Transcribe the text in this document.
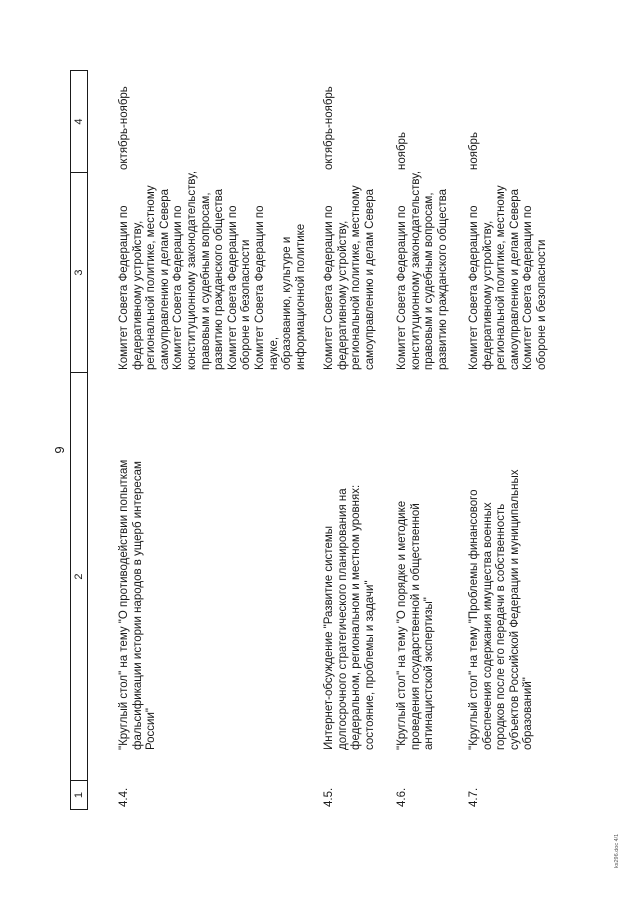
9
1
2
3
4
4.4.
"Круглый стол" на тему "О противодействии попыткам
фальсификации истории народов в ущерб интересам
России"
Комитет Совета Федерации по
федеративному устройству,
региональной политике, местному
самоуправлению и делам Севера
Комитет Совета Федерации по
конституционному законодательству,
правовым и судебным вопросам,
развитию гражданского общества
Комитет Совета Федерации по
обороне и безопасности
Комитет Совета Федерации по науке,
образованию, культуре и
информационной политике
октябрь-ноябрь
4.5.
Интернет-обсуждение "Развитие системы
долгосрочного стратегического планирования на
федеральном, региональном и местном уровнях:
состояние, проблемы и задачи"
Комитет Совета Федерации по
федеративному устройству,
региональной политике, местному
самоуправлению и делам Севера
октябрь-ноябрь
4.6.
"Круглый стол" на тему "О порядке и методике
проведения государственной и общественной
антинацистской экспертизы"
Комитет Совета Федерации по
конституционному законодательству,
правовым и судебным вопросам,
развитию гражданского общества
ноябрь
4.7.
"Круглый стол" на тему "Проблемы финансового
обеспечения содержания имущества военных
городков после его передачи в собственность
субъектов Российской Федерации и муниципальных
образований"
Комитет Совета Федерации по
федеративному устройству,
региональной политике, местному
самоуправлению и делам Севера
Комитет Совета Федерации по
обороне и безопасности
ноябрь
ks296.doc 4/1
